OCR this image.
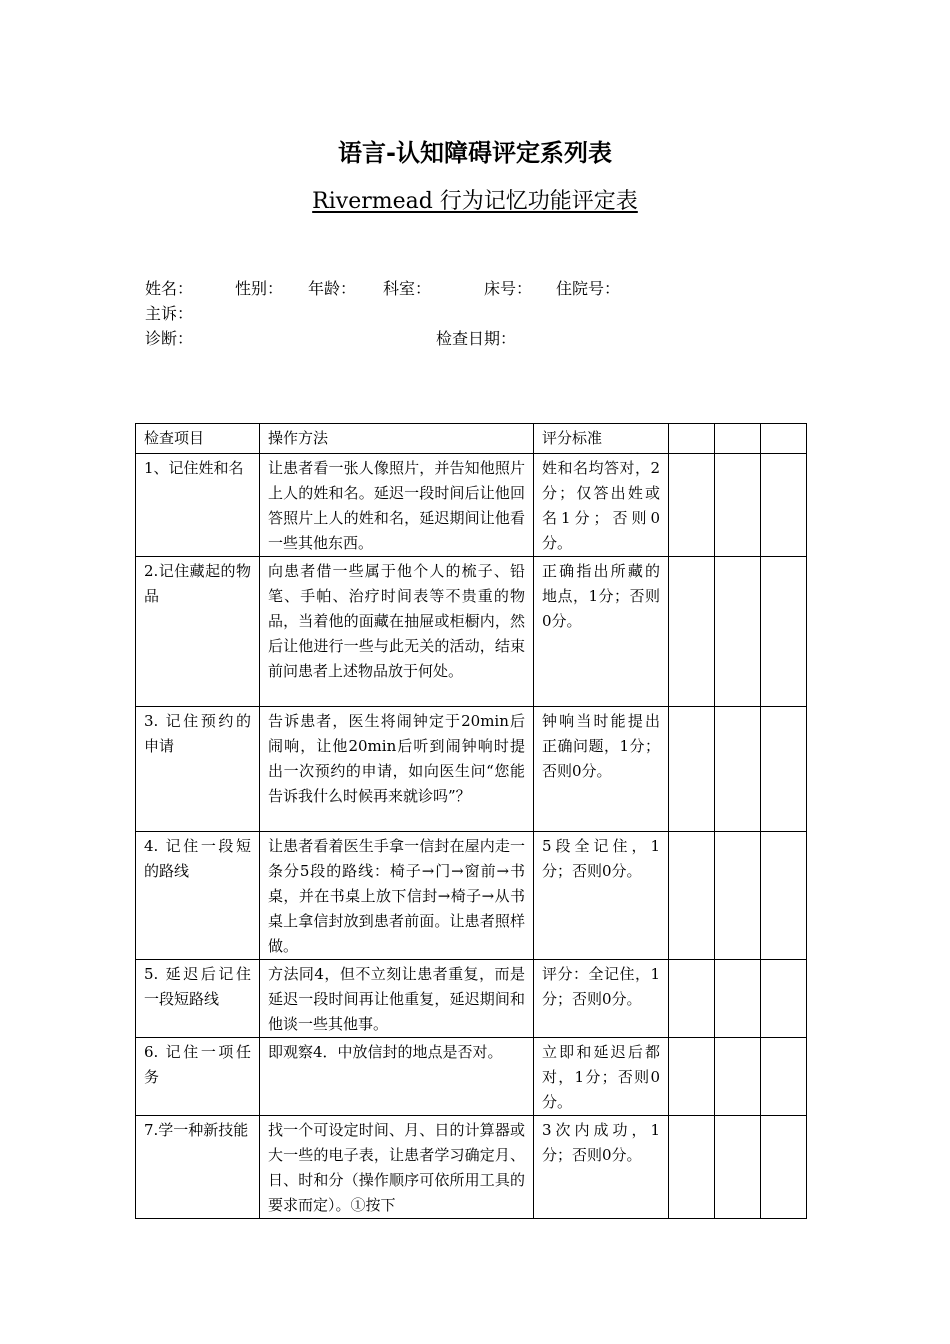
语言-认知障碍评定系列表
Rivermead 行为记忆功能评定表
姓名：	性别： 年龄： 科室：	床号： 住院号：
主诉：
诊断：	检查日期：
检查项目	操作方法	评分标准			
1、记住姓和名	让患者看一张人像照片，并告知他照片上人的姓和名。延迟一段时间后让他回答照片上人的姓和名，延迟期间让他看一些其他东西。	姓和名均答对，2分；仅答出姓或名1分；否则0分。			
2.记住藏起的物品	向患者借一些属于他个人的梳子、铅笔、手帕、治疗时间表等不贵重的物品，当着他的面藏在抽屉或柜橱内，然后让他进行一些与此无关的活动，结束前问患者上述物品放于何处。	正确指出所藏的地点，1分；否则0分。			
3. 记住预约的申请	告诉患者，医生将闹钟定于20min后闹响，让他20min后听到闹钟响时提出一次预约的申请，如向医生问“您能告诉我什么时候再来就诊吗”？	钟响当时能提出正确问题，1分；否则0分。			
4. 记住一段短的路线	让患者看着医生手拿一信封在屋内走一条分5段的路线：椅子→门→窗前→书桌，并在书桌上放下信封→椅子→从书桌上拿信封放到患者前面。让患者照样做。	5段全记住，1分；否则0分。			
5. 延迟后记住一段短路线	方法同4，但不立刻让患者重复，而是延迟一段时间再让他重复，延迟期间和他谈一些其他事。	评分：全记住，1分；否则0分。			
6. 记住一项任务	即观察4．中放信封的地点是否对。	立即和延迟后都对，1分；否则0分。			
7.学一种新技能	找一个可设定时间、月、日的计算器或大一些的电子表，让患者学习确定月、日、时和分（操作顺序可依所用工具的要求而定）。①按下	3次内成功，1分；否则0分。			
